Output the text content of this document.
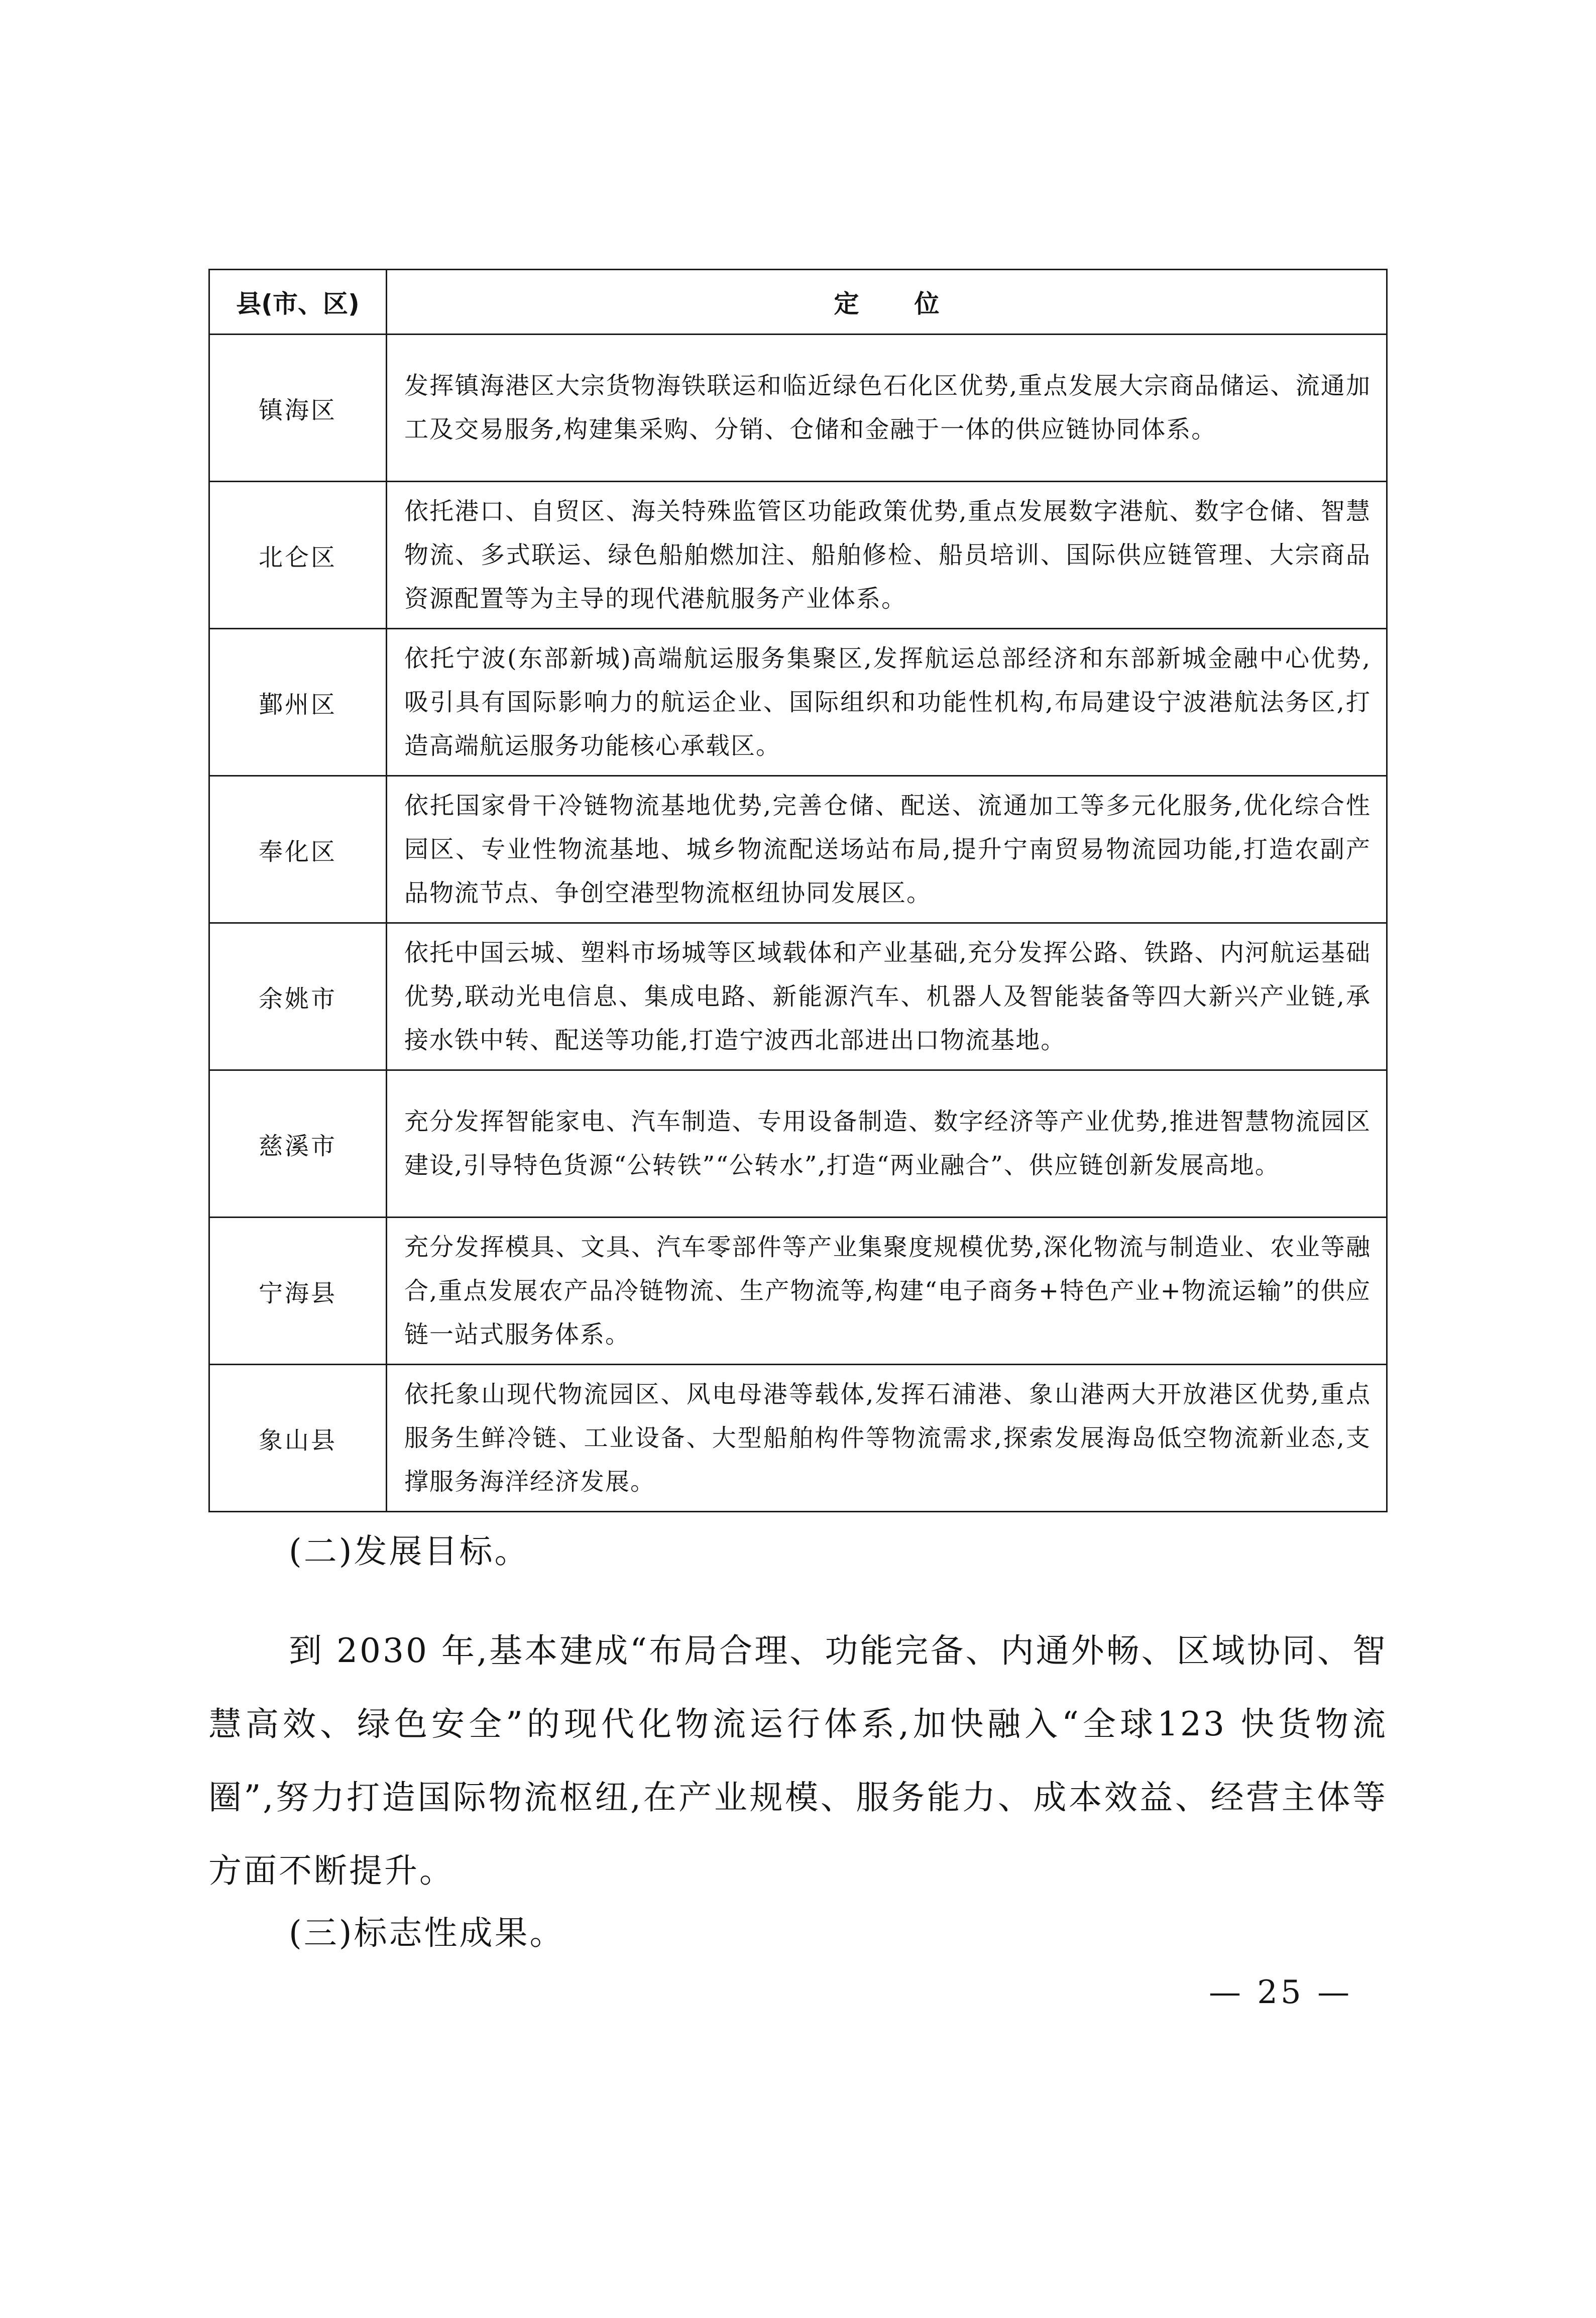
县(市、区)	定位
镇海区	发挥镇海港区大宗货物海铁联运和临近绿色石化区优势,重点发展大宗商品储运、流通加工及交易服务,构建集采购、分销、仓储和金融于一体的供应链协同体系。
北仑区	依托港口、自贸区、海关特殊监管区功能政策优势,重点发展数字港航、数字仓储、智慧物流、多式联运、绿色船舶燃加注、船舶修检、船员培训、国际供应链管理、大宗商品资源配置等为主导的现代港航服务产业体系。
鄞州区	依托宁波(东部新城)高端航运服务集聚区,发挥航运总部经济和东部新城金融中心优势,吸引具有国际影响力的航运企业、国际组织和功能性机构,布局建设宁波港航法务区,打造高端航运服务功能核心承载区。
奉化区	依托国家骨干冷链物流基地优势,完善仓储、配送、流通加工等多元化服务,优化综合性园区、专业性物流基地、城乡物流配送场站布局,提升宁南贸易物流园功能,打造农副产品物流节点、争创空港型物流枢纽协同发展区。
余姚市	依托中国云城、塑料市场城等区域载体和产业基础,充分发挥公路、铁路、内河航运基础优势,联动光电信息、集成电路、新能源汽车、机器人及智能装备等四大新兴产业链,承接水铁中转、配送等功能,打造宁波西北部进出口物流基地。
慈溪市	充分发挥智能家电、汽车制造、专用设备制造、数字经济等产业优势,推进智慧物流园区建设,引导特色货源“公转铁”“公转水”,打造“两业融合”、供应链创新发展高地。
宁海县	充分发挥模具、文具、汽车零部件等产业集聚度规模优势,深化物流与制造业、农业等融合,重点发展农产品冷链物流、生产物流等,构建“电子商务+特色产业+物流运输”的供应链一站式服务体系。
象山县	依托象山现代物流园区、风电母港等载体,发挥石浦港、象山港两大开放港区优势,重点服务生鲜冷链、工业设备、大型船舶构件等物流需求,探索发展海岛低空物流新业态,支撑服务海洋经济发展。
(二)发展目标。
到 2030 年,基本建成“布局合理、功能完备、内通外畅、区域协同、智慧高效、绿色安全”的现代化物流运行体系,加快融入“全球123 快货物流圈”,努力打造国际物流枢纽,在产业规模、服务能力、成本效益、经营主体等方面不断提升。
(三)标志性成果。
— 25 —
